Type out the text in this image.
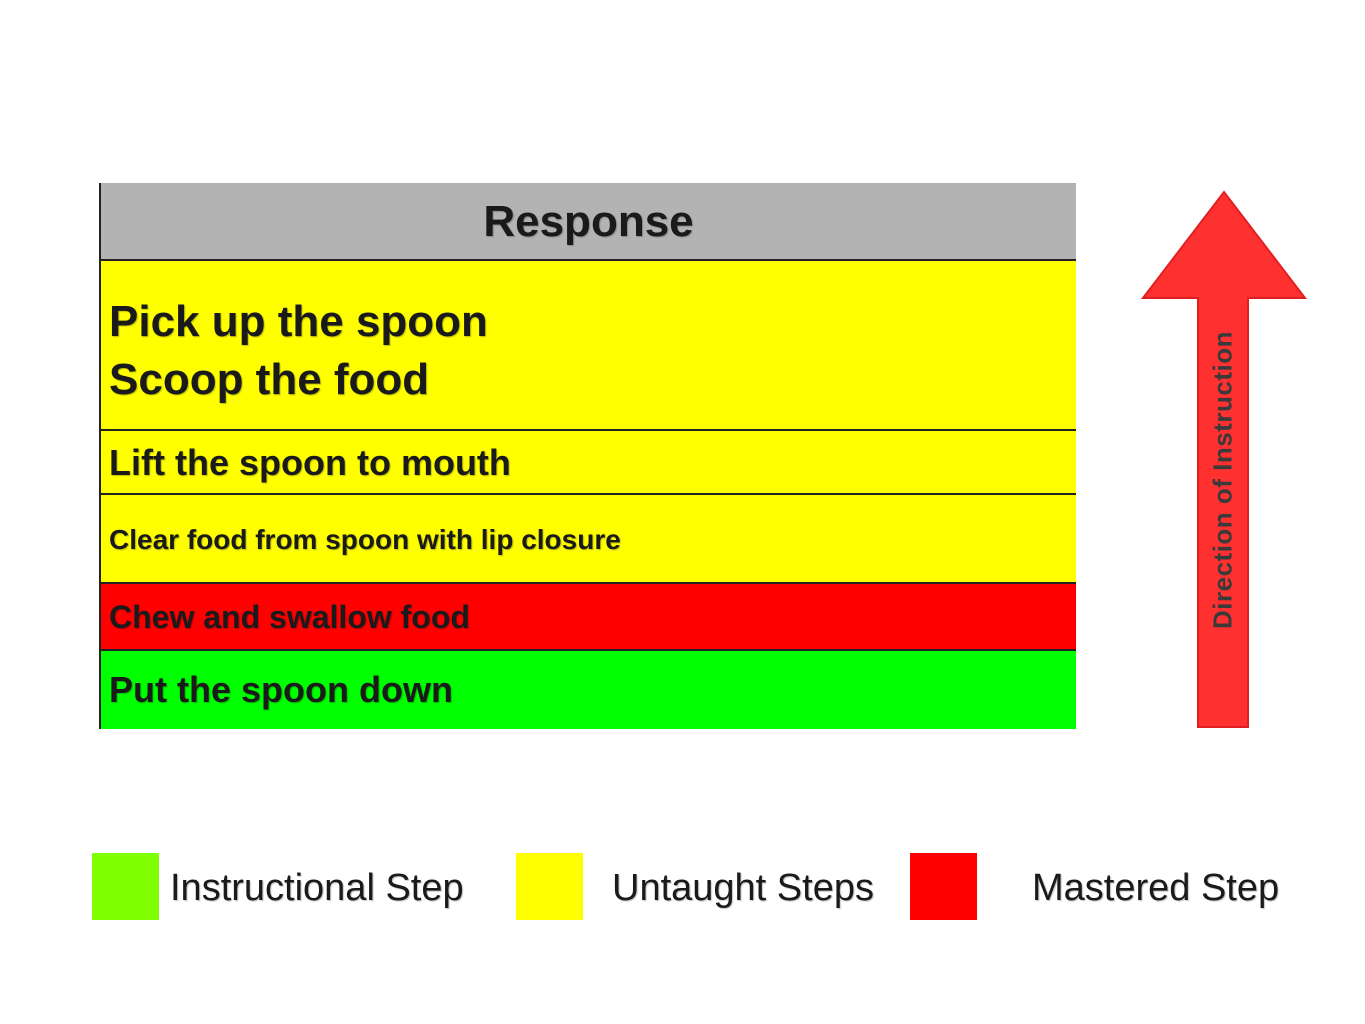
Response
Pick up the spoon
Scoop the food
Lift the spoon to mouth
Clear food from spoon with lip closure
Chew and swallow food
Put the spoon down
Direction of Instruction
Instructional Step	Untaught Steps	Mastered Step
